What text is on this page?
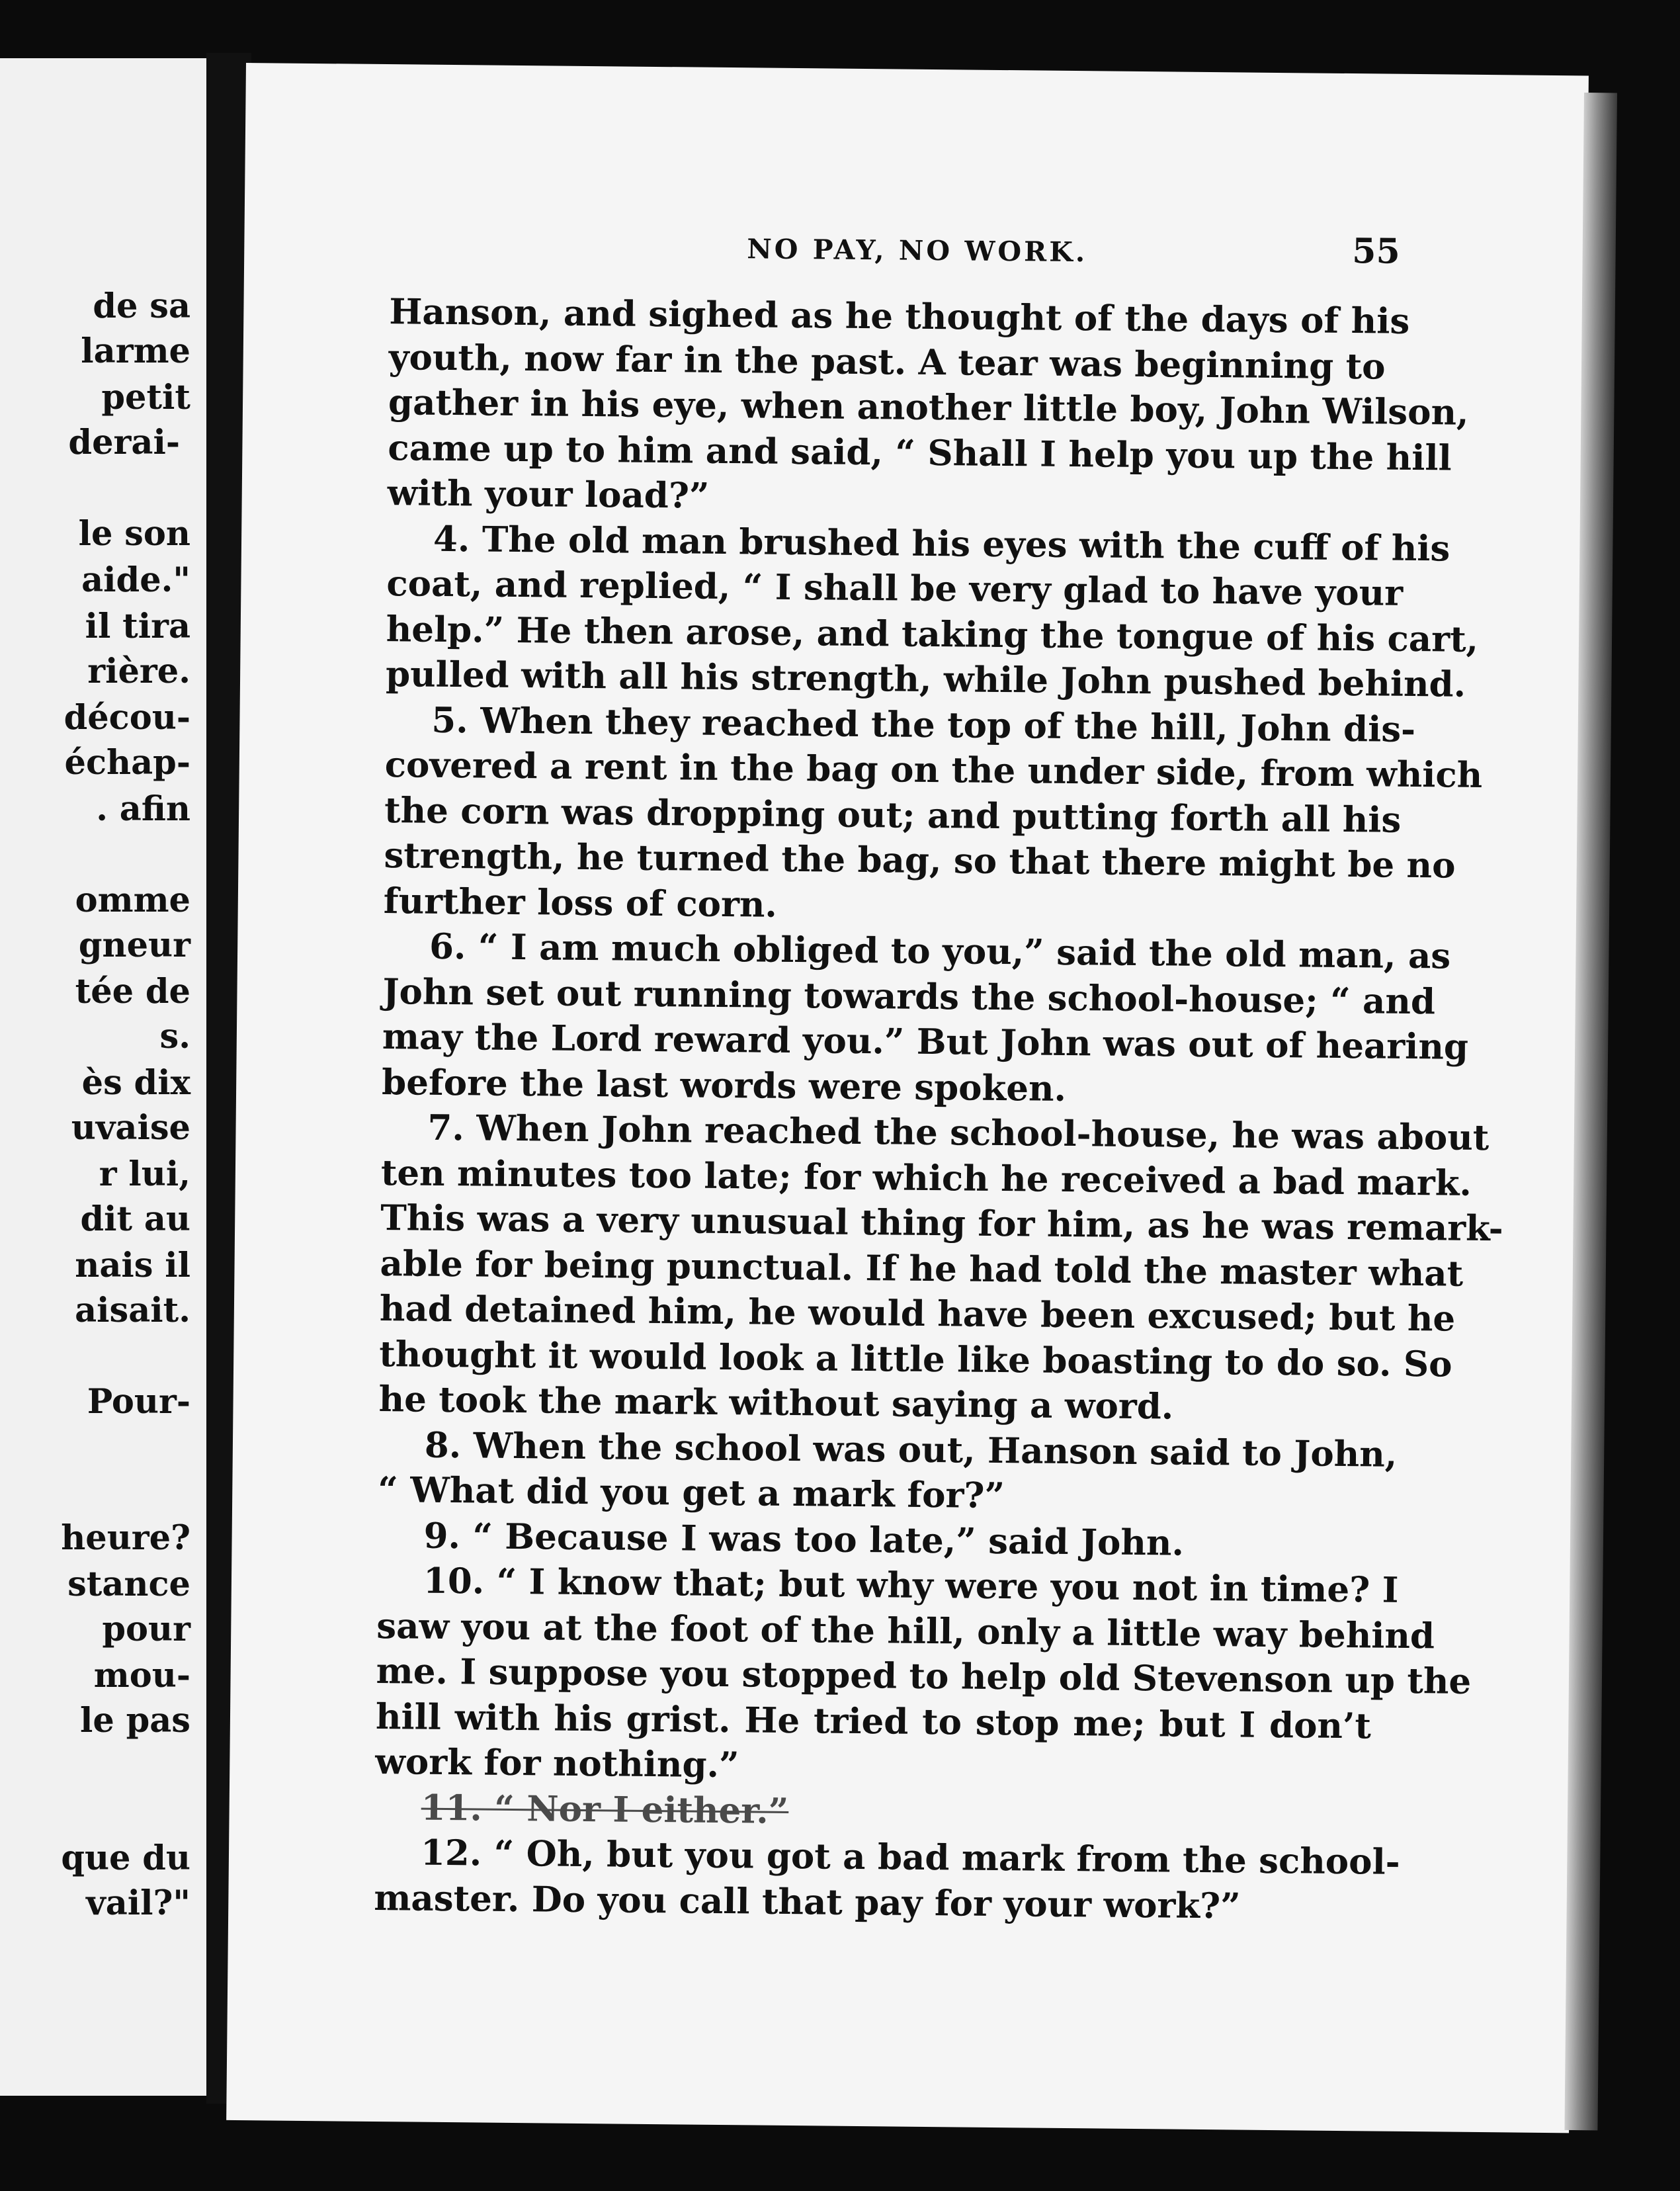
de sa
larme
petit
derai-
le son
aide."
il tira
rière.
décou-
échap-
. afin
omme
gneur
tée de
s.
ès dix
uvaise
r lui,
dit au
nais il
aisait.
Pour-
heure?
stance
pour
mou-
le pas
que du
vail?"
NO PAY, NO WORK.	55
Hanson, and sighed as he thought of the days of his
youth, now far in the past. A tear was beginning to
gather in his eye, when another little boy, John Wilson,
came up to him and said, “ Shall I help you up the hill
with your load?”
4. The old man brushed his eyes with the cuff of his
coat, and replied, “ I shall be very glad to have your
help.” He then arose, and taking the tongue of his cart,
pulled with all his strength, while John pushed behind.
5. When they reached the top of the hill, John dis-
covered a rent in the bag on the under side, from which
the corn was dropping out; and putting forth all his
strength, he turned the bag, so that there might be no
further loss of corn.
6. “ I am much obliged to you,” said the old man, as
John set out running towards the school-house; “ and
may the Lord reward you.” But John was out of hearing
before the last words were spoken.
7. When John reached the school-house, he was about
ten minutes too late; for which he received a bad mark.
This was a very unusual thing for him, as he was remark-
able for being punctual. If he had told the master what
had detained him, he would have been excused; but he
thought it would look a little like boasting to do so. So
he took the mark without saying a word.
8. When the school was out, Hanson said to John,
“ What did you get a mark for?”
9. “ Because I was too late,” said John.
10. “ I know that; but why were you not in time? I
saw you at the foot of the hill, only a little way behind
me. I suppose you stopped to help old Stevenson up the
hill with his grist. He tried to stop me; but I don’t
work for nothing.”
11. “ Nor I either.”
12. “ Oh, but you got a bad mark from the school-
master. Do you call that pay for your work?”
